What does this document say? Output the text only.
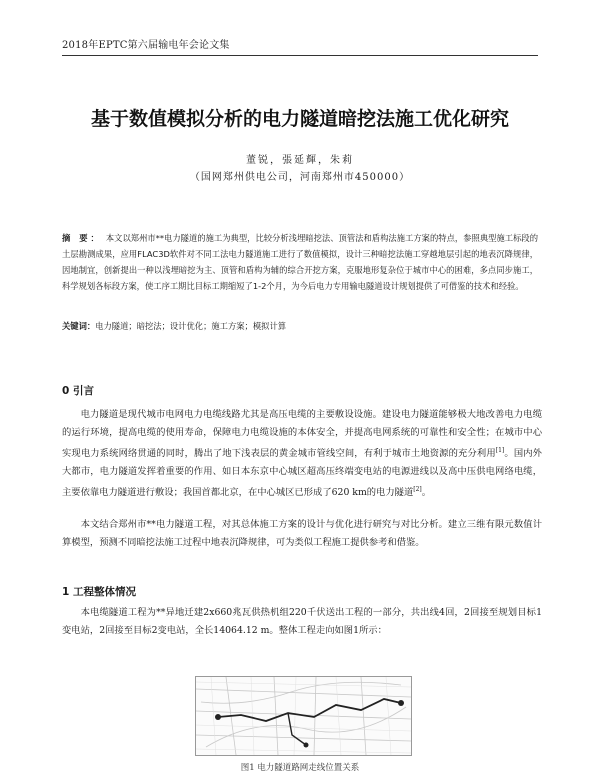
2018年EPTC第六届输电年会论文集
基于数值模拟分析的电力隧道暗挖法施工优化研究
董锐，張延輝，朱莉
（国网郑州供电公司，河南郑州市450000）
摘 要： 本文以郑州市**电力隧道的施工为典型，比较分析浅埋暗挖法、顶管法和盾构法施工方案的特点，参照典型施工标段的土层勘测成果，应用FLAC3D软件对不同工法电力隧道施工进行了数值模拟，设计三种暗挖法施工穿越地层引起的地表沉降规律，因地制宜，创新提出一种以浅埋暗挖为主、顶管和盾构为辅的综合开挖方案，克服地形复杂位于城市中心的困难，多点同步施工，科学规划各标段方案，使工序工期比目标工期缩短了1-2个月，为今后电力专用输电隧道设计规划提供了可借鉴的技术和经验。
关键词：电力隧道；暗挖法；设计优化；施工方案；模拟计算
0 引言
电力隧道是现代城市电网电力电缆线路尤其是高压电缆的主要敷设设施。建设电力隧道能够极大地改善电力电缆的运行环境，提高电缆的使用寿命，保障电力电缆设施的本体安全，并提高电网系统的可靠性和安全性；在城市中心实现电力系统网络贯通的同时，腾出了地下浅表层的黄金城市管线空间，有利于城市土地资源的充分利用[1]。国内外大都市，电力隧道发挥着重要的作用、如日本东京中心城区超高压终端变电站的电源进线以及高中压供电网络电缆，主要依靠电力隧道进行敷设；我国首都北京，在中心城区已形成了620 km的电力隧道[2]。
本文结合郑州市**电力隧道工程，对其总体施工方案的设计与优化进行研究与对比分析。建立三维有限元数值计算模型，预测不同暗挖法施工过程中地表沉降规律，可为类似工程施工提供参考和借鉴。
1 工程整体情况
本电缆隧道工程为**异地迁建2x660兆瓦供热机组220千伏送出工程的一部分，共出线4回，2回接至规划目标1变电站，2回接至目标2变电站，全长14064.12 m。整体工程走向如图1所示：
图1 电力隧道路网走线位置关系
